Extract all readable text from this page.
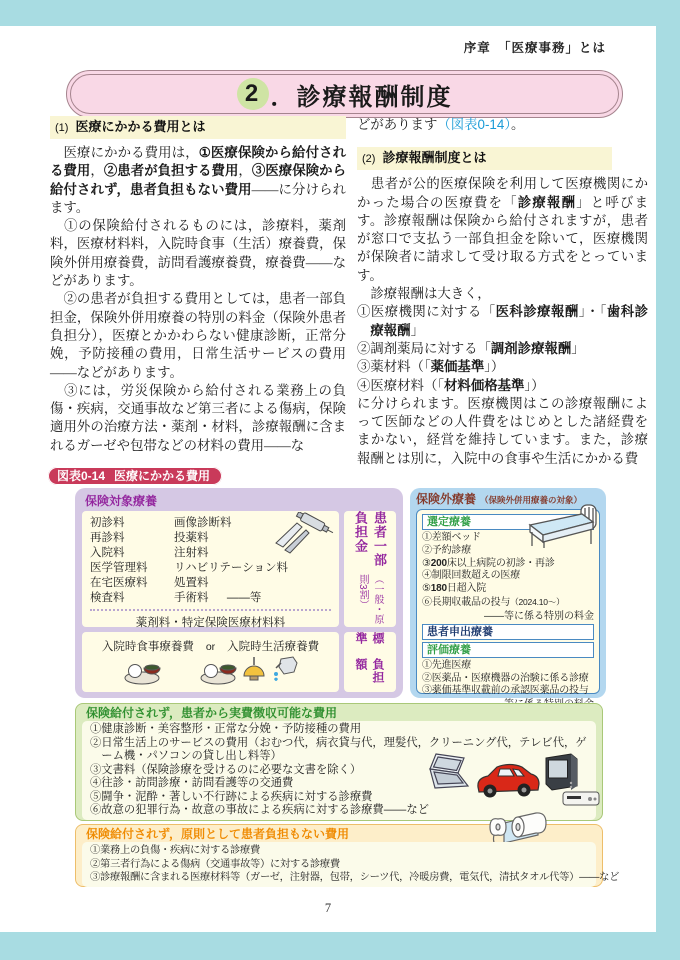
序章　「医療事務」とは
2 ．診療報酬制度
(1) 医療にかかる費用とは

　医療にかかる費用は，①医療保険から給付される費用，②患者が負担する費用，③医療保険から給付されず，患者負担もない費用——に分けられます。

　①の保険給付されるものには，診療料，薬剤料，医療材料料，入院時食事（生活）療養費，保険外併用療養費，訪問看護療養費，療養費——などがあります。

　②の患者が負担する費用としては，患者一部負担金，保険外併用療養の特別の料金（保険外患者負担分），医療とかかわらない健康診断，正常分娩，予防接種の費用，日常生活サービスの費用——などがあります。

　③には，労災保険から給付される業務上の負傷・疾病，交通事故など第三者による傷病，保険適用外の治療方法・薬剤・材料，診療報酬に含まれるガーゼや包帯などの材料の費用——な

どがあります（図表0-14）。

(2) 診療報酬制度とは

　患者が公的医療保険を利用して医療機関にかかった場合の医療費を「診療報酬」と呼びます。診療報酬は保険から給付されますが，患者が窓口で支払う一部負担金を除いて，医療機関が保険者に請求して受け取る方式をとっています。

　診療報酬は大きく，

①医療機関に対する「医科診療報酬」・「歯科診療報酬」
②調剤薬局に対する「調剤診療報酬」
③薬材料（「薬価基準」）
④医療材料（「材料価格基準」）

に分けられます。医療機関はこの診療報酬によって医師などの人件費をはじめとした諸経費をまかない，経営を維持しています。また，診療報酬とは別に，入院中の食事や生活にかかる費

図表0-14 医療にかかる費用
保険対象療養
初診料
再診料
入院料
医学管理料
在宅医療料
検査料
画像診断料
投薬料
注射料
リハビリテーション料
処置料
手術料 ——等
薬剤料・特定保険医療材料料
患者一部負担金
（一般・原則3割）
入院時食事療養費 or 入院時生活療養費
標準
負担額
保険外療養 （保険外併用療養の対象）
選定療養
①差額ベッド
②予約診療
③200床以上病院の初診・再診
④制限回数超えの医療
⑤180日超入院
⑥長期収載品の投与（2024.10～）
——等に係る特別の料金
患者申出療養
評価療養
①先進医療
②医薬品・医療機器の治験に係る診療
③薬価基準収載前の承認医薬品の投与
保険給付されず，患者から実費徴収可能な費用
①健康診断・美容整形・正常な分娩・予防接種の費用
②日常生活上のサービスの費用（おむつ代，病衣貸与代，理髪代，クリーニング代，テレビ代，ゲーム機・パソコンの貸し出し料等）
③文書料（保険診療を受けるのに必要な文書を除く）
④往診・訪問診療・訪問看護等の交通費
⑤闘争・泥酔・著しい不行跡による疾病に対する診療費
⑥故意の犯罪行為・故意の事故による疾病に対する診療費——など
保険給付されず，原則として患者負担もない費用
①業務上の負傷・疾病に対する診療費
②第三者行為による傷病（交通事故等）に対する診療費
③診療報酬に含まれる医療材料等（ガーゼ，注射器，包帯，シーツ代，冷暖房費，電気代，清拭タオル代等）——など
7
